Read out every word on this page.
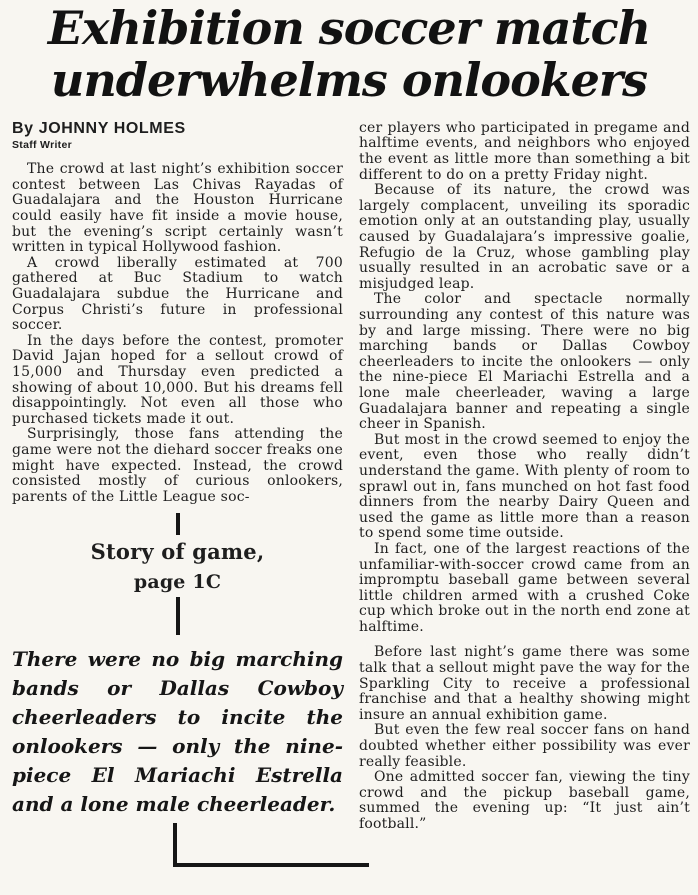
Exhibition soccer match
underwhelms onlookers
By JOHNNY HOLMES
Staff Writer

The crowd at last night’s exhibition soccer contest between Las Chivas Rayadas of Guadalajara and the Houston Hurricane could easily have fit inside a movie house, but the evening’s script certainly wasn’t written in typical Hollywood fashion.

A crowd liberally estimated at 700 gathered at Buc Stadium to watch Guadalajara subdue the Hurricane and Corpus Christi’s future in professional soccer.

In the days before the contest, promoter David Jajan hoped for a sellout crowd of 15,000 and Thursday even predicted a showing of about 10,000. But his dreams fell disappointingly. Not even all those who purchased tickets made it out.

Surprisingly, those fans attending the game were not the diehard soccer freaks one might have expected. Instead, the crowd consisted mostly of curious onlookers, parents of the Little League soc-

Story of game,
page 1C
There were no big marching bands or Dallas Cowboy cheerleaders to incite the onlookers — only the nine-piece El Mariachi Estrella and a lone male cheerleader.

cer players who participated in pregame and halftime events, and neighbors who enjoyed the event as little more than something a bit different to do on a pretty Friday night.

Because of its nature, the crowd was largely complacent, unveiling its sporadic emotion only at an outstanding play, usually caused by Guadalajara’s impressive goalie, Refugio de la Cruz, whose gambling play usually resulted in an acrobatic save or a misjudged leap.

The color and spectacle normally surrounding any contest of this nature was by and large missing. There were no big marching bands or Dallas Cowboy cheerleaders to incite the onlookers — only the nine-piece El Mariachi Estrella and a lone male cheerleader, waving a large Guadalajara banner and repeating a single cheer in Spanish.

But most in the crowd seemed to enjoy the event, even those who really didn’t understand the game. With plenty of room to sprawl out in, fans munched on hot fast food dinners from the nearby Dairy Queen and used the game as little more than a reason to spend some time outside.

In fact, one of the largest reactions of the unfamiliar-with-soccer crowd came from an impromptu baseball game between several little children armed with a crushed Coke cup which broke out in the north end zone at halftime.

Before last night’s game there was some talk that a sellout might pave the way for the Sparkling City to receive a professional franchise and that a healthy showing might insure an annual exhibition game.

But even the few real soccer fans on hand doubted whether either possibility was ever really feasible.

One admitted soccer fan, viewing the tiny crowd and the pickup baseball game, summed the evening up: “It just ain’t football.”
